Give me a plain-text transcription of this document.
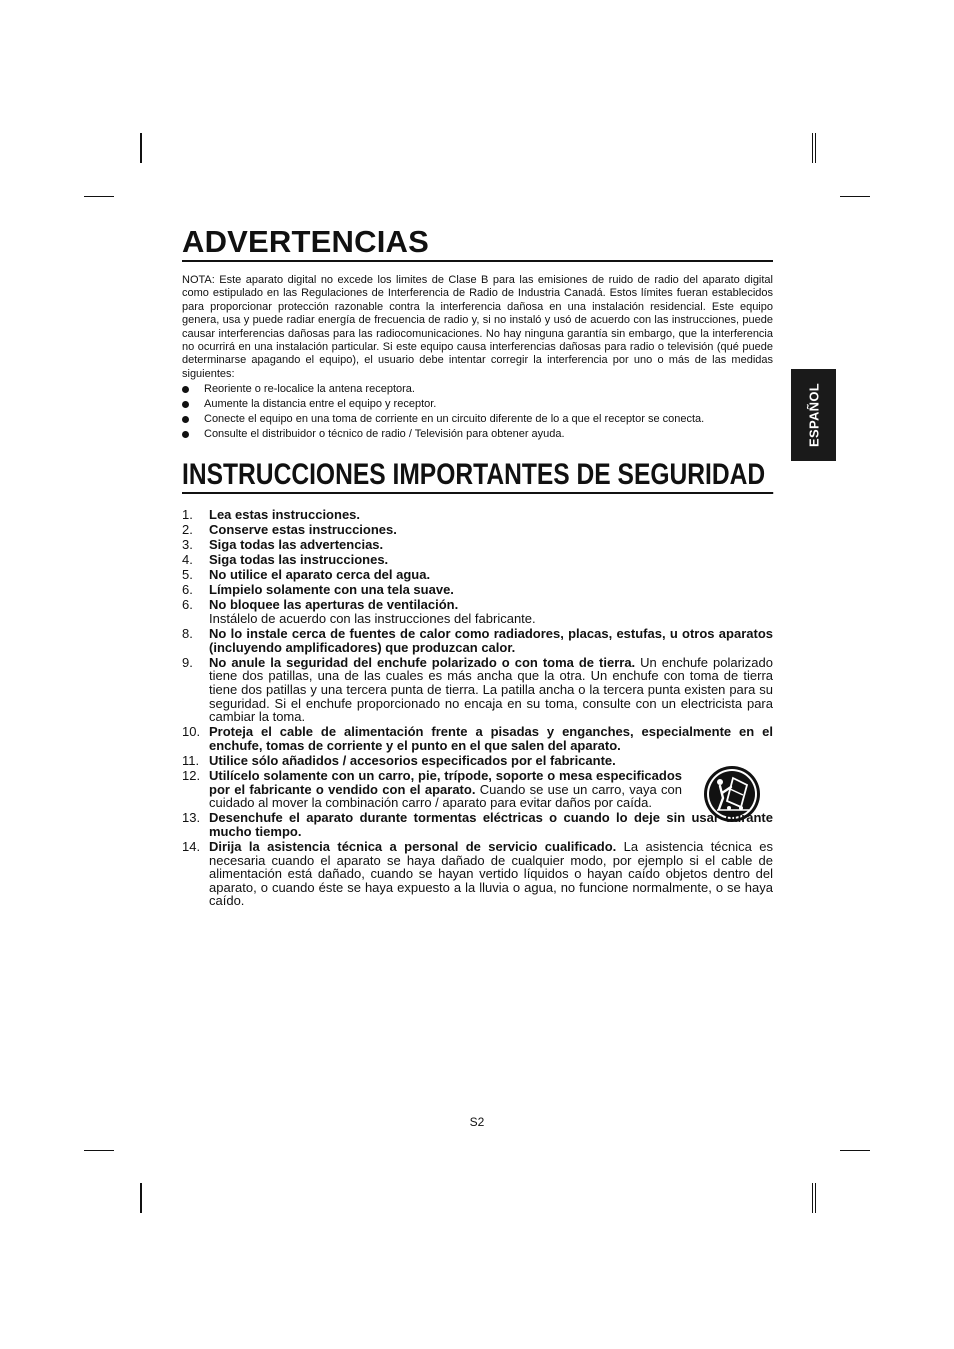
ESPAÑOL
ADVERTENCIAS

NOTA: Este aparato digital no excede los limites de Clase B para las emisiones de ruido de radio del aparato digital como estipulado en las Regulaciones de Interferencia de Radio de Industria Canadá. Estos límites fueran establecidos para proporcionar protección razonable contra la interferencia dañosa en una instalación residencial. Este equipo genera, usa y puede radiar energía de frecuencia de radio y, si no instaló y usó de acuerdo con las instrucciones, puede causar interferencias dañosas para las radiocomunicaciones. No hay ninguna garantía sin embargo, que la interferencia no ocurrirá en una instalación particular. Si este equipo causa interferencias dañosas para radio o televisión (qué puede determinarse apagando el equipo), el usuario debe intentar corregir la interferencia por uno o más de las medidas siguientes:

Reoriente o re-localice la antena receptora.
Aumente la distancia entre el equipo y receptor.
Conecte el equipo en una toma de corriente en un circuito diferente de lo a que el receptor se conecta.
Consulte el distribuidor o técnico de radio / Televisión para obtener ayuda.
INSTRUCCIONES IMPORTANTES DE SEGURIDAD
1. Lea estas instrucciones.
2. Conserve estas instrucciones.
3. Siga todas las advertencias.
4. Siga todas las instrucciones.
5. No utilice el aparato cerca del agua.
6. Límpielo solamente con una tela suave.
6. No bloquee las aperturas de ventilación.
Instálelo de acuerdo con las instrucciones del fabricante.
8. No lo instale cerca de fuentes de calor como radiadores, placas, estufas, u otros aparatos (incluyendo amplificadores) que produzcan calor.
9. No anule la seguridad del enchufe polarizado o con toma de tierra. Un enchufe polarizado tiene dos patillas, una de las cuales es más ancha que la otra. Un enchufe con toma de tierra tiene dos patillas y una tercera punta de tierra. La patilla ancha o la tercera punta existen para su seguridad. Si el enchufe proporcionado no encaja en su toma, consulte con un electricista para cambiar la toma.
10. Proteja el cable de alimentación frente a pisadas y enganches, especialmente en el enchufe, tomas de corriente y el punto en el que salen del aparato.
11. Utilice sólo añadidos / accesorios especificados por el fabricante.
12. Utilícelo solamente con un carro, pie, trípode, soporte o mesa especificados por el fabricante o vendido con el aparato. Cuando se use un carro, vaya con cuidado al mover la combinación carro / aparato para evitar daños por caída.
13. Desenchufe el aparato durante tormentas eléctricas o cuando lo deje sin usar durante mucho tiempo.
14. Dirija la asistencia técnica a personal de servicio cualificado. La asistencia técnica es necesaria cuando el aparato se haya dañado de cualquier modo, por ejemplo si el cable de alimentación está dañado, cuando se hayan vertido líquidos o hayan caído objetos dentro del aparato, o cuando éste se haya expuesto a la lluvia o agua, no funcione normalmente, o se haya caído.
S2
